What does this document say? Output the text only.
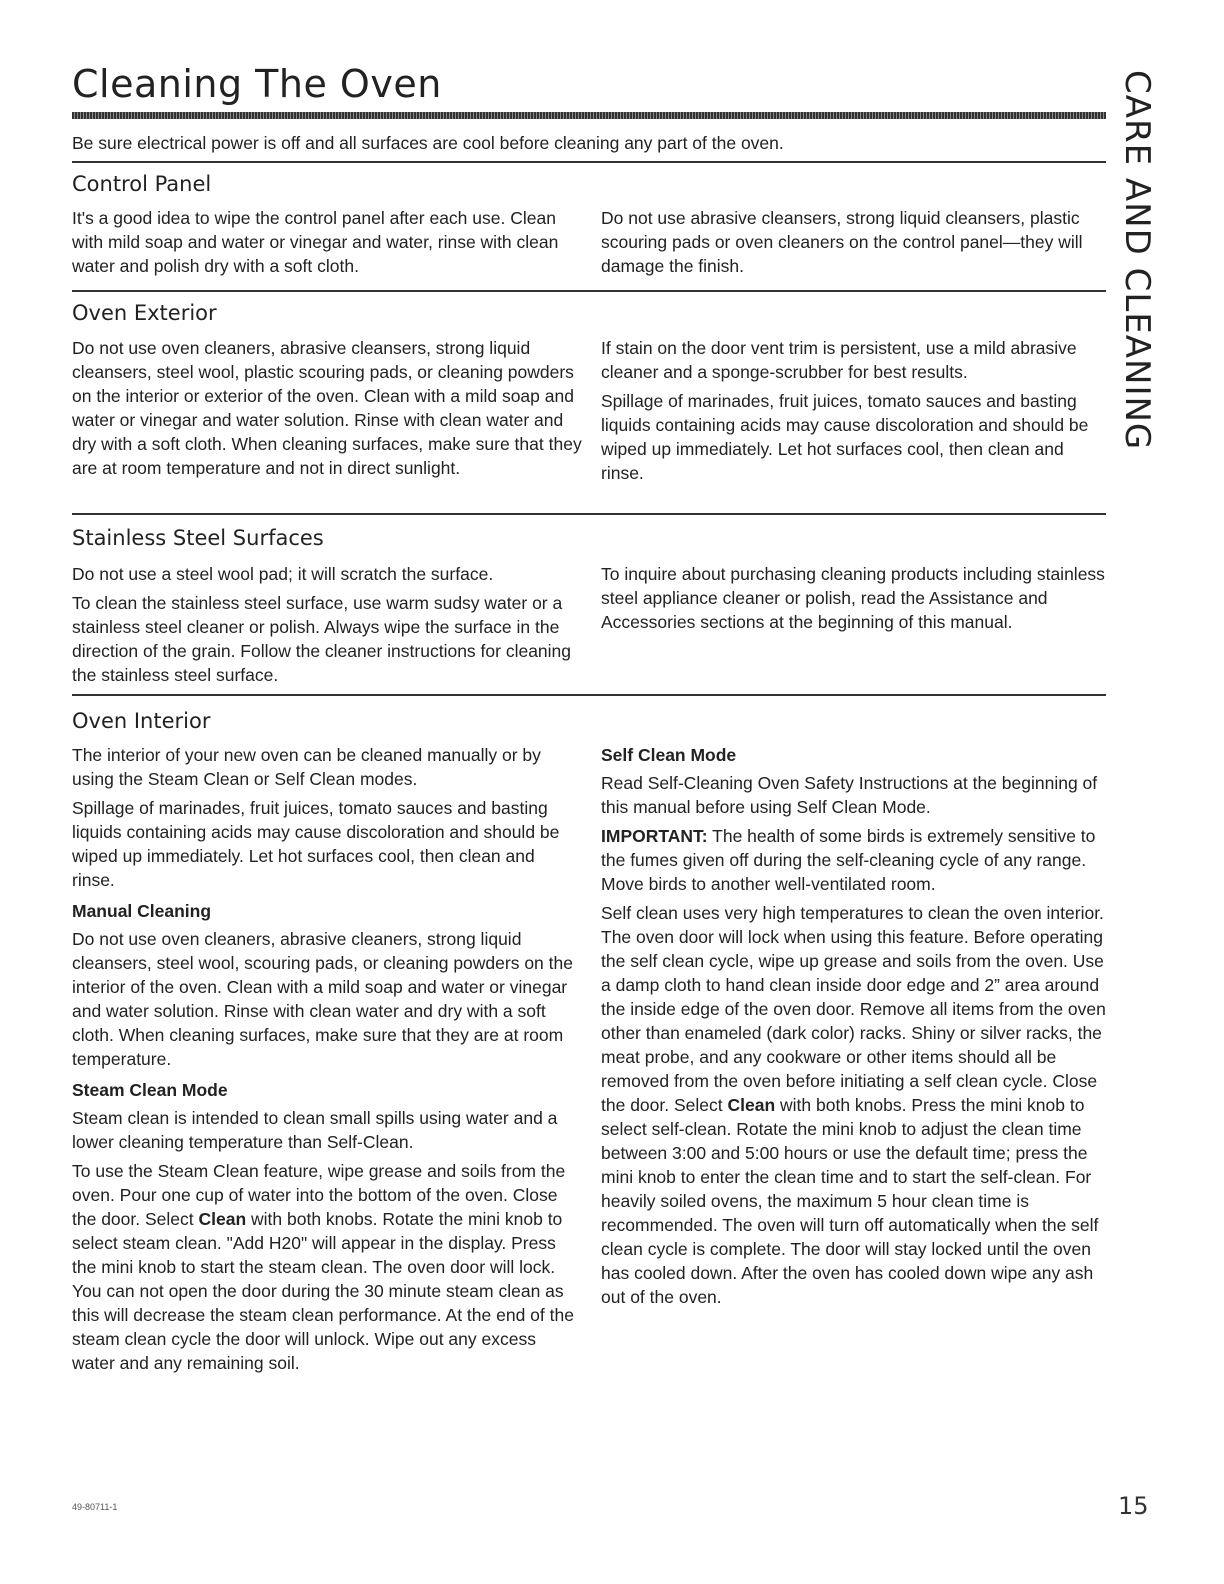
Cleaning The Oven

Be sure electrical power is off and all surfaces are cool before cleaning any part of the oven.	CARE AND CLEANING
Control Panel

It's a good idea to wipe the control panel after each use. Clean with mild soap and water or vinegar and water, rinse with clean water and polish dry with a soft cloth.

Do not use abrasive cleansers, strong liquid cleansers, plastic scouring pads or oven cleaners on the control panel—they will damage the finish.

Oven Exterior

Do not use oven cleaners, abrasive cleansers, strong liquid cleansers, steel wool, plastic scouring pads, or cleaning powders on the interior or exterior of the oven. Clean with a mild soap and water or vinegar and water solution. Rinse with clean water and dry with a soft cloth. When cleaning surfaces, make sure that they are at room temperature and not in direct sunlight.

If stain on the door vent trim is persistent, use a mild abrasive cleaner and a sponge-scrubber for best results.

Spillage of marinades, fruit juices, tomato sauces and basting liquids containing acids may cause discoloration and should be wiped up immediately. Let hot surfaces cool, then clean and rinse.

Stainless Steel Surfaces

Do not use a steel wool pad; it will scratch the surface.

To clean the stainless steel surface, use warm sudsy water or a stainless steel cleaner or polish. Always wipe the surface in the direction of the grain. Follow the cleaner instructions for cleaning the stainless steel surface.

To inquire about purchasing cleaning products including stainless steel appliance cleaner or polish, read the Assistance and Accessories sections at the beginning of this manual.

Oven Interior

The interior of your new oven can be cleaned manually or by using the Steam Clean or Self Clean modes.

Spillage of marinades, fruit juices, tomato sauces and basting liquids containing acids may cause discoloration and should be wiped up immediately. Let hot surfaces cool, then clean and rinse.

Manual Cleaning

Do not use oven cleaners, abrasive cleaners, strong liquid cleansers, steel wool, scouring pads, or cleaning powders on the interior of the oven. Clean with a mild soap and water or vinegar and water solution. Rinse with clean water and dry with a soft cloth. When cleaning surfaces, make sure that they are at room temperature.

Steam Clean Mode

Steam clean is intended to clean small spills using water and a lower cleaning temperature than Self-Clean.

To use the Steam Clean feature, wipe grease and soils from the oven. Pour one cup of water into the bottom of the oven. Close the door. Select Clean with both knobs. Rotate the mini knob to select steam clean. "Add H20" will appear in the display. Press the mini knob to start the steam clean. The oven door will lock. You can not open the door during the 30 minute steam clean as this will decrease the steam clean performance. At the end of the steam clean cycle the door will unlock. Wipe out any excess water and any remaining soil.

Self Clean Mode

Read Self-Cleaning Oven Safety Instructions at the beginning of this manual before using Self Clean Mode.

IMPORTANT: The health of some birds is extremely sensitive to the fumes given off during the self-cleaning cycle of any range. Move birds to another well-ventilated room.

Self clean uses very high temperatures to clean the oven interior. The oven door will lock when using this feature. Before operating the self clean cycle, wipe up grease and soils from the oven. Use a damp cloth to hand clean inside door edge and 2” area around the inside edge of the oven door. Remove all items from the oven other than enameled (dark color) racks. Shiny or silver racks, the meat probe, and any cookware or other items should all be removed from the oven before initiating a self clean cycle. Close the door. Select Clean with both knobs. Press the mini knob to select self-clean. Rotate the mini knob to adjust the clean time between 3:00 and 5:00 hours or use the default time; press the mini knob to enter the clean time and to start the self-clean. For heavily soiled ovens, the maximum 5 hour clean time is recommended. The oven will turn off automatically when the self clean cycle is complete. The door will stay locked until the oven has cooled down. After the oven has cooled down wipe any ash out of the oven.

49-80711-1	15
